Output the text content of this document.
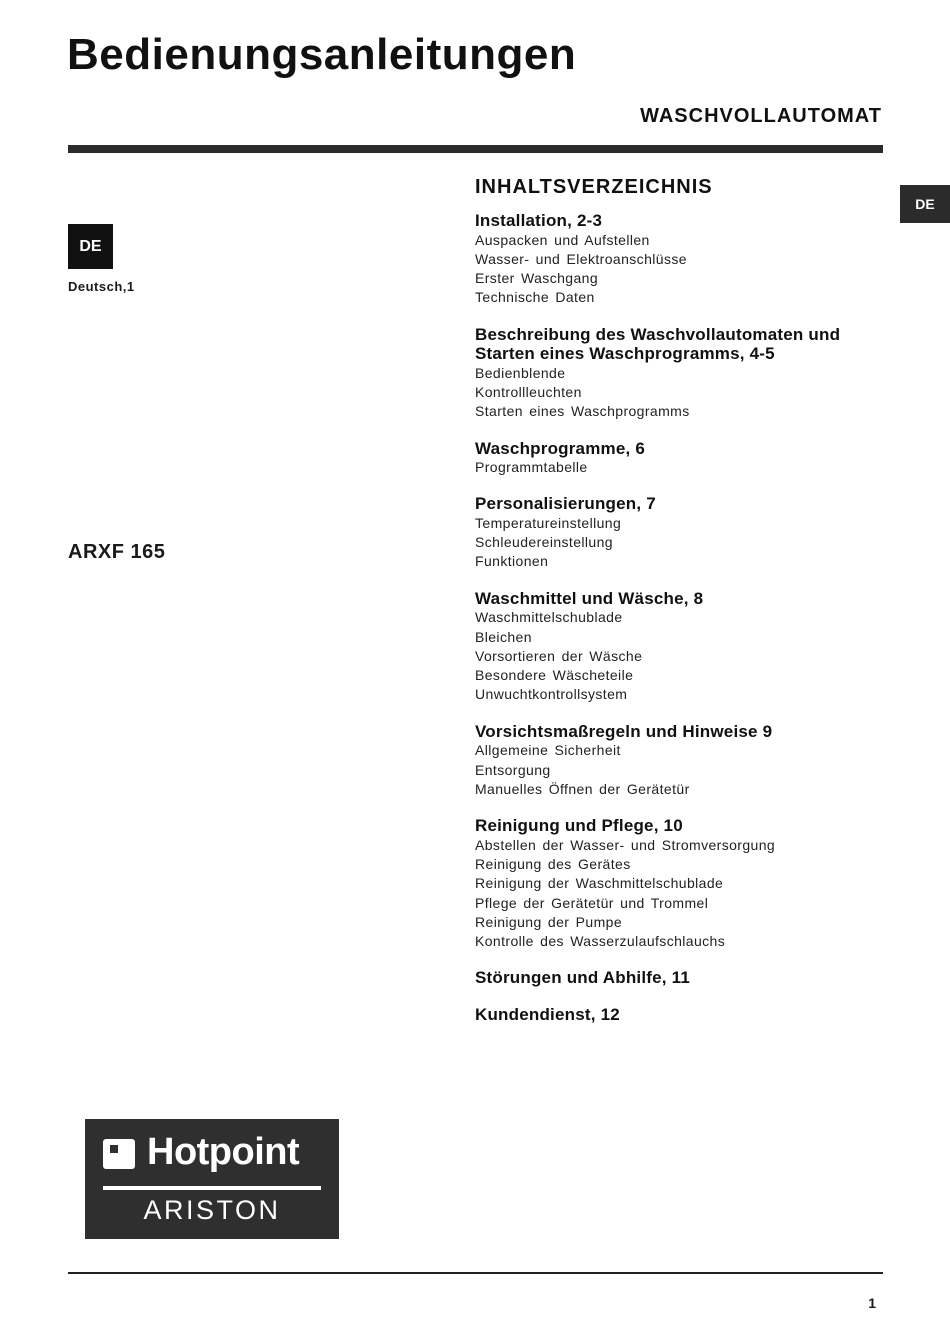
Bedienungsanleitungen
WASCHVOLLAUTOMAT
DE
Deutsch,1
ARXF 165
DE
INHALTSVERZEICHNIS
Installation, 2-3
Auspacken und Aufstellen
Wasser- und Elektroanschlüsse
Erster Waschgang
Technische Daten
Beschreibung des Waschvollautomaten und Starten eines Waschprogramms, 4-5
Bedienblende
Kontrollleuchten
Starten eines Waschprogramms
Waschprogramme, 6
Programmtabelle
Personalisierungen, 7
Temperatureinstellung
Schleudereinstellung
Funktionen
Waschmittel und Wäsche, 8
Waschmittelschublade
Bleichen
Vorsortieren der Wäsche
Besondere Wäscheteile
Unwuchtkontrollsystem
Vorsichtsmaßregeln und Hinweise 9
Allgemeine Sicherheit
Entsorgung
Manuelles Öffnen der Gerätetür
Reinigung und Pflege, 10
Abstellen der Wasser- und Stromversorgung
Reinigung des Gerätes
Reinigung der Waschmittelschublade
Pflege der Gerätetür und Trommel
Reinigung der Pumpe
Kontrolle des Wasserzulaufschlauchs
Störungen und Abhilfe, 11
Kundendienst, 12
Hotpoint
ARISTON
1
